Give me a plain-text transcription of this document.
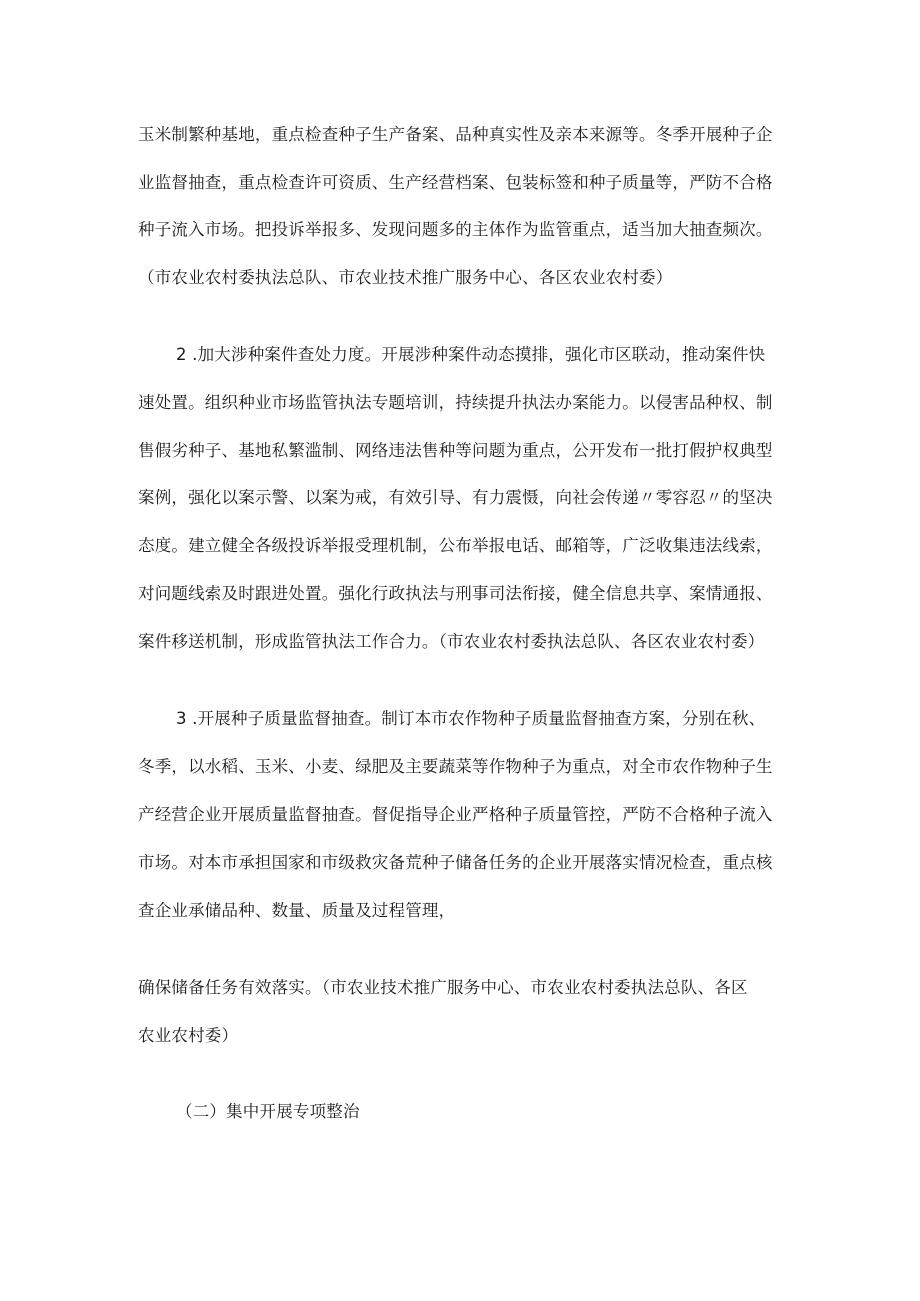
玉米制繁种基地，重点检查种子生产备案、品种真实性及亲本来源等。冬季开展种子企
业监督抽查，重点检查许可资质、生产经营档案、包装标签和种子质量等，严防不合格
种子流入市场。把投诉举报多、发现问题多的主体作为监管重点，适当加大抽查频次。
（市农业农村委执法总队、市农业技术推广服务中心、各区农业农村委）
2 .加大涉种案件查处力度。开展涉种案件动态摸排，强化市区联动，推动案件快
速处置。组织种业市场监管执法专题培训，持续提升执法办案能力。以侵害品种权、制
售假劣种子、基地私繁滥制、网络违法售种等问题为重点，公开发布一批打假护权典型
案例，强化以案示警、以案为戒，有效引导、有力震慑，向社会传递〃零容忍〃的坚决
态度。建立健全各级投诉举报受理机制，公布举报电话、邮箱等，广泛收集违法线索，
对问题线索及时跟进处置。强化行政执法与刑事司法衔接，健全信息共享、案情通报、
案件移送机制，形成监管执法工作合力。（市农业农村委执法总队、各区农业农村委）
3 .开展种子质量监督抽查。制订本市农作物种子质量监督抽查方案，分别在秋、
冬季，以水稻、玉米、小麦、绿肥及主要蔬菜等作物种子为重点，对全市农作物种子生
产经营企业开展质量监督抽查。督促指导企业严格种子质量管控，严防不合格种子流入
市场。对本市承担国家和市级救灾备荒种子储备任务的企业开展落实情况检查，重点核
查企业承储品种、数量、质量及过程管理，
确保储备任务有效落实。（市农业技术推广服务中心、市农业农村委执法总队、各区
农业农村委）
（二）集中开展专项整治
